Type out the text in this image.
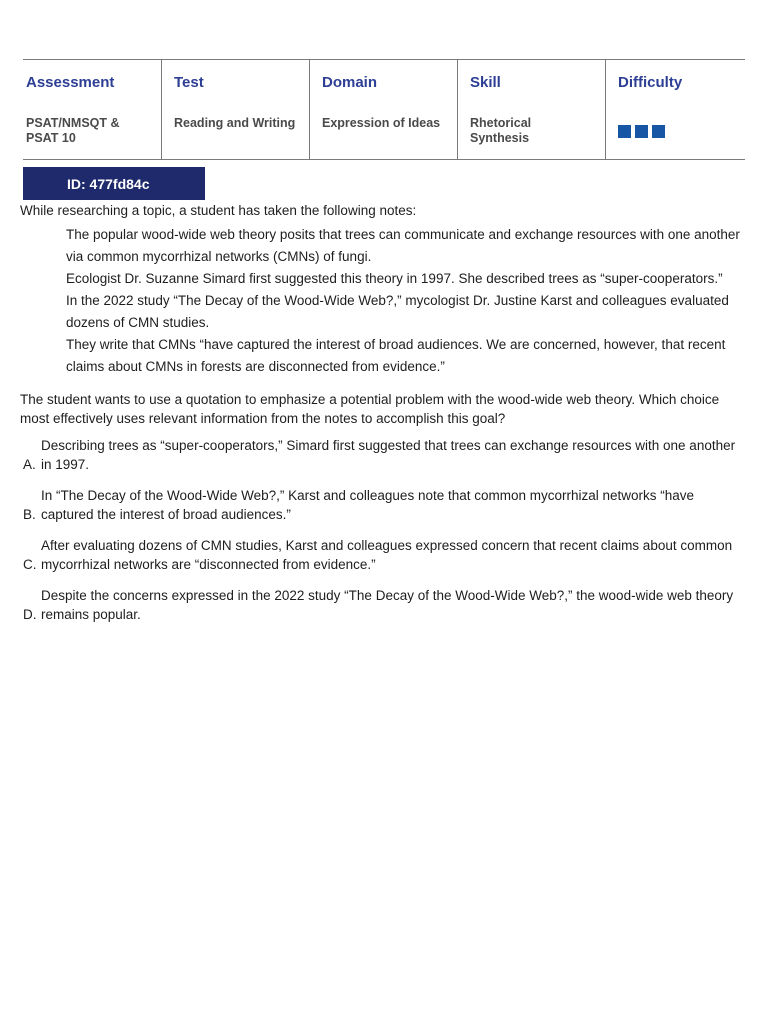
Assessment
PSAT/NMSQT & PSAT 10
Test
Reading and Writing
Domain
Expression of Ideas
Skill
Rhetorical Synthesis
Difficulty
ID: 477fd84c
While researching a topic, a student has taken the following notes:
The popular wood-wide web theory posits that trees can communicate and exchange resources with one another via common mycorrhizal networks (CMNs) of fungi.
Ecologist Dr. Suzanne Simard first suggested this theory in 1997. She described trees as “super-cooperators.”
In the 2022 study “The Decay of the Wood-Wide Web?,” mycologist Dr. Justine Karst and colleagues evaluated dozens of CMN studies.
They write that CMNs “have captured the interest of broad audiences. We are concerned, however, that recent claims about CMNs in forests are disconnected from evidence.”
The student wants to use a quotation to emphasize a potential problem with the wood-wide web theory. Which choice most effectively uses relevant information from the notes to accomplish this goal?
A.
Describing trees as “super-cooperators,” Simard first suggested that trees can exchange resources with one another in 1997.
B.
In “The Decay of the Wood-Wide Web?,” Karst and colleagues note that common mycorrhizal networks “have captured the interest of broad audiences.”
C.
After evaluating dozens of CMN studies, Karst and colleagues expressed concern that recent claims about common mycorrhizal networks are “disconnected from evidence.”
D.
Despite the concerns expressed in the 2022 study “The Decay of the Wood-Wide Web?,” the wood-wide web theory remains popular.
